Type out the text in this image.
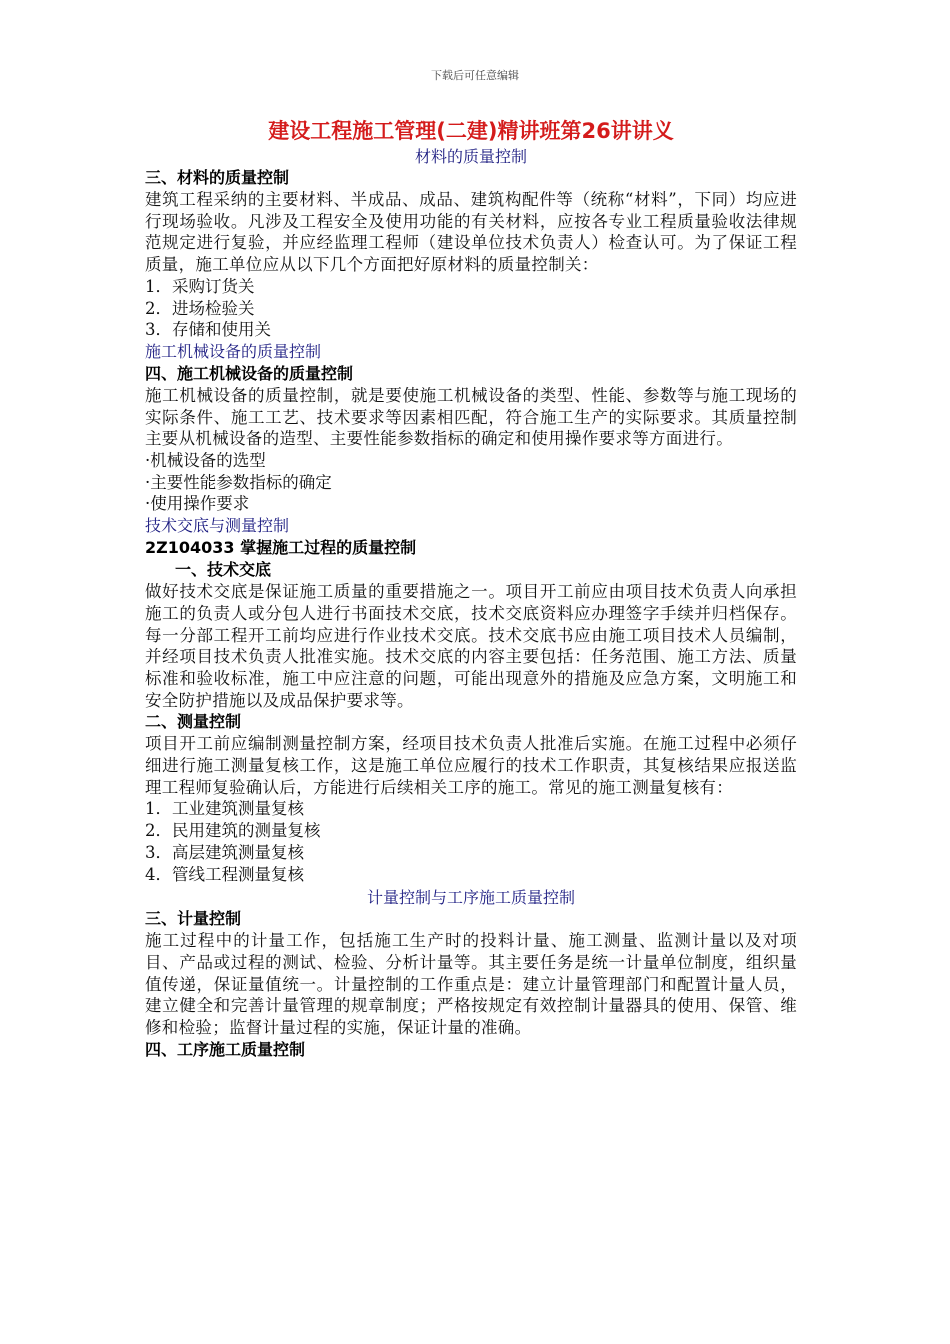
下载后可任意编辑

建设工程施工管理(二建)精讲班第26讲讲义

材料的质量控制

三、材料的质量控制

建筑工程采纳的主要材料、半成品、成品、建筑构配件等（统称“材料”，下同）均应进行现场验收。凡涉及工程安全及使用功能的有关材料，应按各专业工程质量验收法律规范规定进行复验，并应经监理工程师（建设单位技术负责人）检查认可。为了保证工程质量，施工单位应从以下几个方面把好原材料的质量控制关：

1．采购订货关

2．进场检验关

3．存储和使用关

施工机械设备的质量控制

四、施工机械设备的质量控制

施工机械设备的质量控制，就是要使施工机械设备的类型、性能、参数等与施工现场的实际条件、施工工艺、技术要求等因素相匹配，符合施工生产的实际要求。其质量控制主要从机械设备的造型、主要性能参数指标的确定和使用操作要求等方面进行。

·机械设备的选型

·主要性能参数指标的确定

·使用操作要求

技术交底与测量控制

2Z104033 掌握施工过程的质量控制

一、技术交底

做好技术交底是保证施工质量的重要措施之一。项目开工前应由项目技术负责人向承担施工的负责人或分包人进行书面技术交底，技术交底资料应办理签字手续并归档保存。每一分部工程开工前均应进行作业技术交底。技术交底书应由施工项目技术人员编制，并经项目技术负责人批准实施。技术交底的内容主要包括：任务范围、施工方法、质量标准和验收标准，施工中应注意的问题，可能出现意外的措施及应急方案，文明施工和安全防护措施以及成品保护要求等。

二、测量控制

项目开工前应编制测量控制方案，经项目技术负责人批准后实施。在施工过程中必须仔细进行施工测量复核工作，这是施工单位应履行的技术工作职责，其复核结果应报送监理工程师复验确认后，方能进行后续相关工序的施工。常见的施工测量复核有：

1．工业建筑测量复核

2．民用建筑的测量复核

3．高层建筑测量复核

4．管线工程测量复核

计量控制与工序施工质量控制

三、计量控制

施工过程中的计量工作，包括施工生产时的投料计量、施工测量、监测计量以及对项目、产品或过程的测试、检验、分析计量等。其主要任务是统一计量单位制度，组织量值传递，保证量值统一。计量控制的工作重点是：建立计量管理部门和配置计量人员，建立健全和完善计量管理的规章制度；严格按规定有效控制计量器具的使用、保管、维修和检验；监督计量过程的实施，保证计量的准确。

四、工序施工质量控制
